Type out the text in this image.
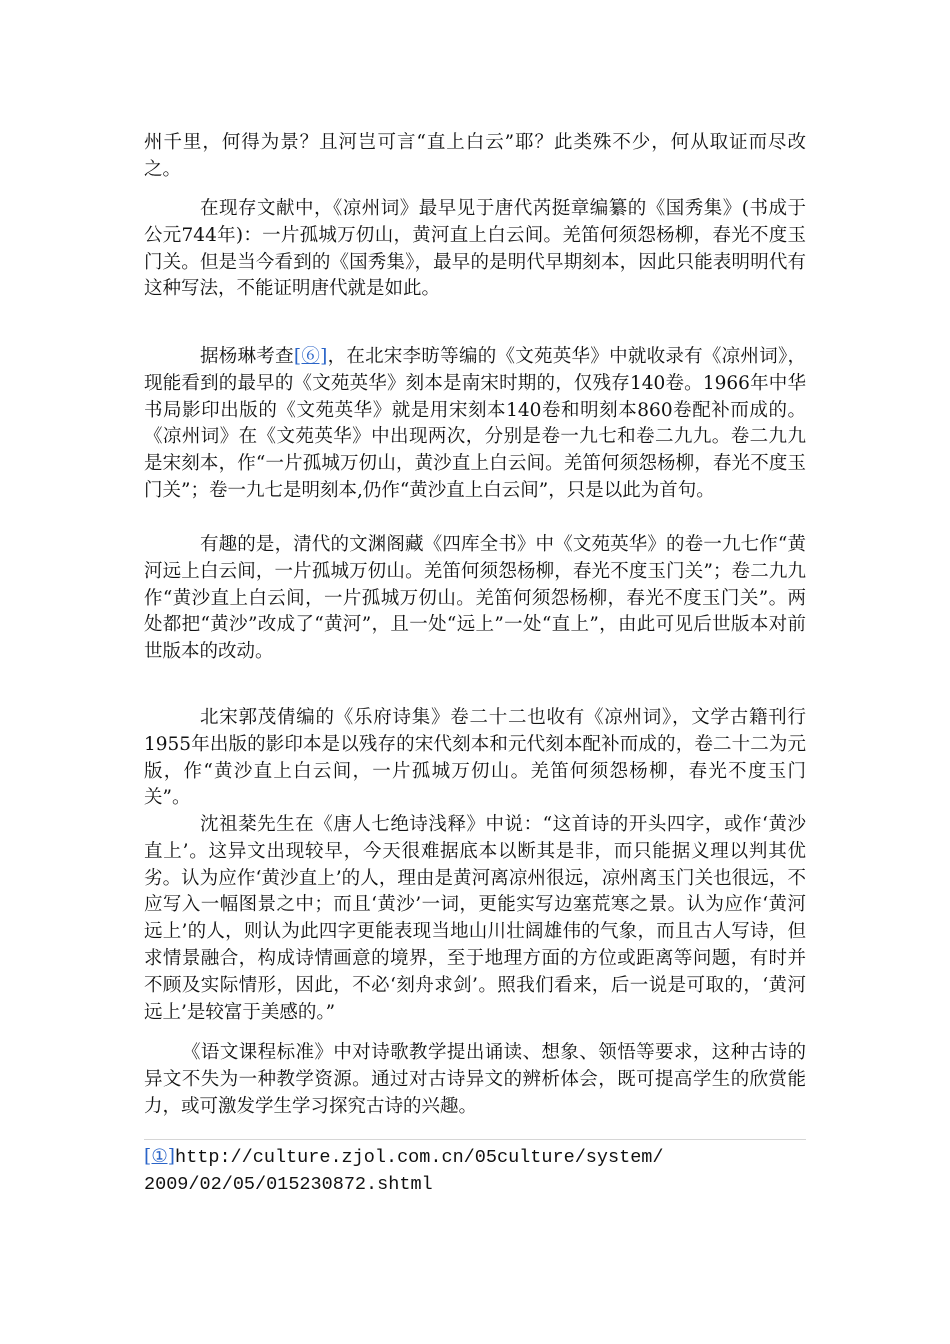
州千里，何得为景？且河岂可言“直上白云”耶？此类殊不少，何从取证而尽改之。

在现存文献中，《凉州词》最早见于唐代芮挺章编纂的《国秀集》(书成于公元744年)：一片孤城万仞山，黄河直上白云间。羌笛何须怨杨柳，春光不度玉门关。但是当今看到的《国秀集》，最早的是明代早期刻本，因此只能表明明代有这种写法，不能证明唐代就是如此。

据杨琳考查[⑥]，在北宋李昉等编的《文苑英华》中就收录有《凉州词》，现能看到的最早的《文苑英华》刻本是南宋时期的，仅残存140卷。1966年中华书局影印出版的《文苑英华》就是用宋刻本140卷和明刻本860卷配补而成的。《凉州词》在《文苑英华》中出现两次，分别是卷一九七和卷二九九。卷二九九是宋刻本，作“一片孤城万仞山，黄沙直上白云间。羌笛何须怨杨柳，春光不度玉门关”；卷一九七是明刻本,仍作“黄沙直上白云间”，只是以此为首句。

有趣的是，清代的文渊阁藏《四库全书》中《文苑英华》的卷一九七作“黄河远上白云间，一片孤城万仞山。羌笛何须怨杨柳，春光不度玉门关”；卷二九九作“黄沙直上白云间，一片孤城万仞山。羌笛何须怨杨柳，春光不度玉门关”。两处都把“黄沙”改成了“黄河”，且一处“远上”一处“直上”，由此可见后世版本对前世版本的改动。

北宋郭茂倩编的《乐府诗集》卷二十二也收有《凉州词》，文学古籍刊行1955年出版的影印本是以残存的宋代刻本和元代刻本配补而成的，卷二十二为元版，作“黄沙直上白云间，一片孤城万仞山。羌笛何须怨杨柳，春光不度玉门关”。

沈祖棻先生在《唐人七绝诗浅释》中说：“这首诗的开头四字，或作‘黄沙直上’。这异文出现较早，今天很难据底本以断其是非，而只能据义理以判其优劣。认为应作‘黄沙直上’的人，理由是黄河离凉州很远，凉州离玉门关也很远，不应写入一幅图景之中；而且‘黄沙’一词，更能实写边塞荒寒之景。认为应作‘黄河远上’的人，则认为此四字更能表现当地山川壮阔雄伟的气象，而且古人写诗，但求情景融合，构成诗情画意的境界，至于地理方面的方位或距离等问题，有时并不顾及实际情形，因此，不必‘刻舟求剑’。照我们看来，后一说是可取的，‘黄河远上’是较富于美感的。”

《语文课程标准》中对诗歌教学提出诵读、想象、领悟等要求，这种古诗的异文不失为一种教学资源。通过对古诗异文的辨析体会，既可提高学生的欣赏能力，或可激发学生学习探究古诗的兴趣。

[①]http://culture.zjol.com.cn/05culture/system/
2009/02/05/015230872.shtml
